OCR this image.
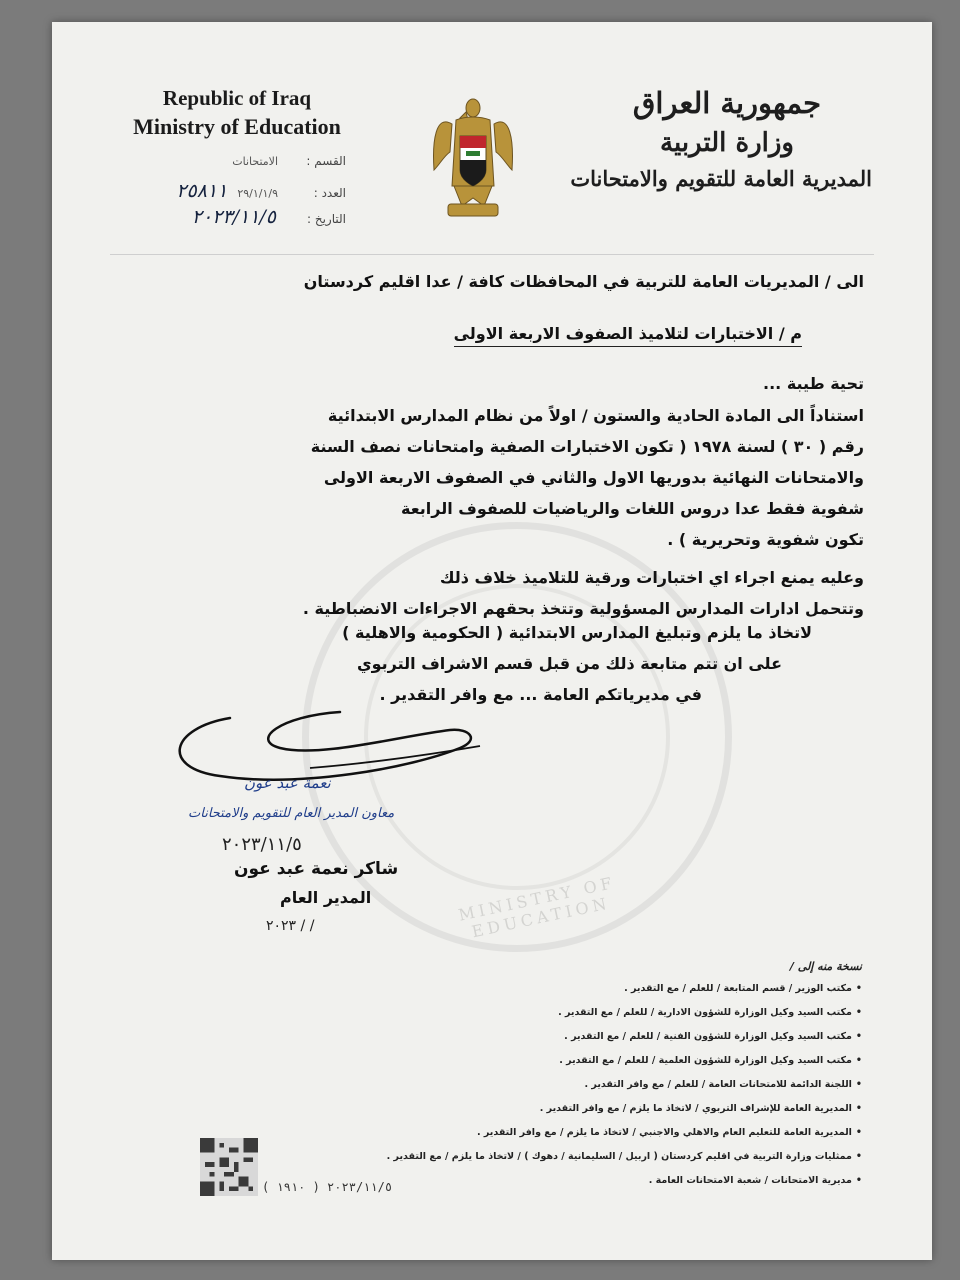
MINISTRY OF EDUCATION
Republic of Iraq
Ministry of Education
القسم :
الامتحانات
العدد :
٢٩/١/١/٩
٢٥٨١١
التاريخ :
٢٠٢٣/١١/٥
جمهورية العراق
وزارة التربية
المديرية العامة للتقويم والامتحانات
الى / المديريات العامة للتربية في المحافظات كافة / عدا اقليم كردستان
م / الاختبارات لتلاميذ الصفوف الاربعة الاولى
تحية طيبة ...
استناداً الى المادة الحادية والستون / اولاً من نظام المدارس الابتدائية
رقم ( ٣٠ ) لسنة ١٩٧٨ ( تكون الاختبارات الصفية وامتحانات نصف السنة
والامتحانات النهائية بدوريها الاول والثاني في الصفوف الاربعة الاولى
شفوية فقط عدا دروس اللغات والرياضيات للصفوف الرابعة
تكون شفوية وتحريرية ) .
وعليه يمنع اجراء اي اختبارات ورقية للتلاميذ خلاف ذلك
وتتحمل ادارات المدارس المسؤولية وتتخذ بحقهم الاجراءات الانضباطية .
لاتخاذ ما يلزم وتبليغ المدارس الابتدائية ( الحكومية والاهلية )
على ان تتم متابعة ذلك من قبل قسم الاشراف التربوي
في مديرياتكم العامة ... مع وافر التقدير .
نعمة عبد عون
معاون المدير العام للتقويم والامتحانات
٢٠٢٣/١١/٥
شاكر نعمة عبد عون
المدير العام
/ / ٢٠٢٣
نسخة منه إلى /
• مكتب الوزير / قسم المتابعة / للعلم / مع التقدير .
• مكتب السيد وكيل الوزارة للشؤون الادارية / للعلم / مع التقدير .
• مكتب السيد وكيل الوزارة للشؤون الفنية / للعلم / مع التقدير .
• مكتب السيد وكيل الوزارة للشؤون العلمية / للعلم / مع التقدير .
• اللجنة الدائمة للامتحانات العامة / للعلم / مع وافر التقدير .
• المديرية العامة للإشراف التربوي / لاتخاذ ما يلزم / مع وافر التقدير .
• المديرية العامة للتعليم العام والاهلي والاجنبي / لاتخاذ ما يلزم / مع وافر التقدير .
• ممثليات وزارة التربية في اقليم كردستان ( اربيل / السليمانية / دهوك ) / لاتخاذ ما يلزم / مع التقدير .
• مديرية الامتحانات / شعبة الامتحانات العامة .
٢٠٢٣/١١/٥ ( ١٩١٠ )
